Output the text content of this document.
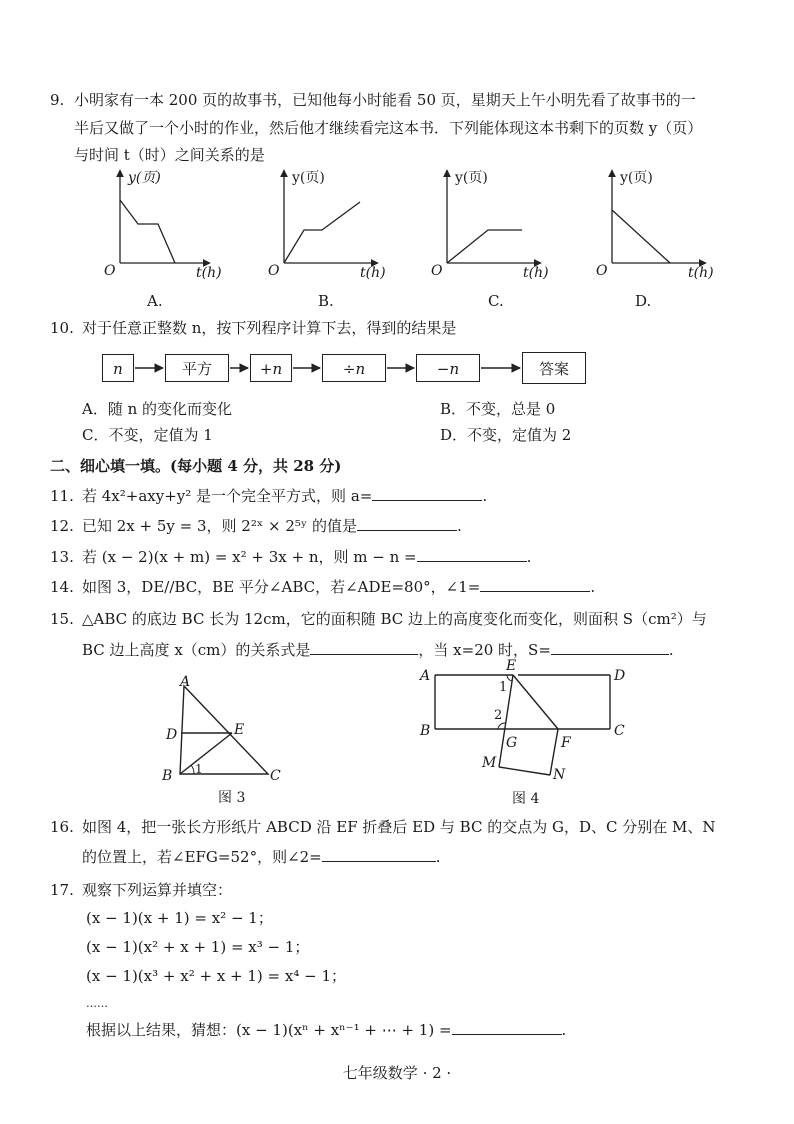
9. 小明家有一本 200 页的故事书，已知他每小时能看 50 页，星期天上午小明先看了故事书的一
半后又做了一个小时的作业，然后他才继续看完这本书．下列能体现这本书剩下的页数 y（页）
与时间 t（时）之间关系的是
y(页)
O	t(h)
A.
y(页)
O	t(h)
B.
y(页)
O	t(h)
C.
y(页)
O	t(h)
D.
10. 对于任意正整数 n，按下列程序计算下去，得到的结果是
n	平方	+n	÷n	−n	答案
A．随 n 的变化而变化	B．不变，总是 0
C．不变，定值为 1	D．不变，定值为 2
二、细心填一填。(每小题 4 分，共 28 分)
11. 若 4x²+axy+y² 是一个完全平方式，则 a=	.
12. 已知 2x + 5y = 3，则 2²ˣ × 2⁵ʸ 的值是	.
13. 若 (x − 2)(x + m) = x² + 3x + n，则 m − n =	.
14. 如图 3，DE//BC，BE 平分∠ABC，若∠ADE=80°，∠1=	.
15. △ABC 的底边 BC 长为 12cm，它的面积随 BC 边上的高度变化而变化，则面积 S（cm²）与
BC 边上高度 x（cm）的关系式是	，当 x=20 时，S=	.
A
D	E
B	C
1
图 3
E
A	D
B	C
G	F
M
N
1
2
图 4
16. 如图 4，把一张长方形纸片 ABCD 沿 EF 折叠后 ED 与 BC 的交点为 G，D、C 分别在 M、N
的位置上，若∠EFG=52°，则∠2=	.
17. 观察下列运算并填空：
(x − 1)(x + 1) = x² − 1；
(x − 1)(x² + x + 1) = x³ − 1；
(x − 1)(x³ + x² + x + 1) = x⁴ − 1；
……
根据以上结果，猜想：(x − 1)(xⁿ + xⁿ⁻¹ + ⋯ + 1) =	.
七年级数学 · 2 ·
